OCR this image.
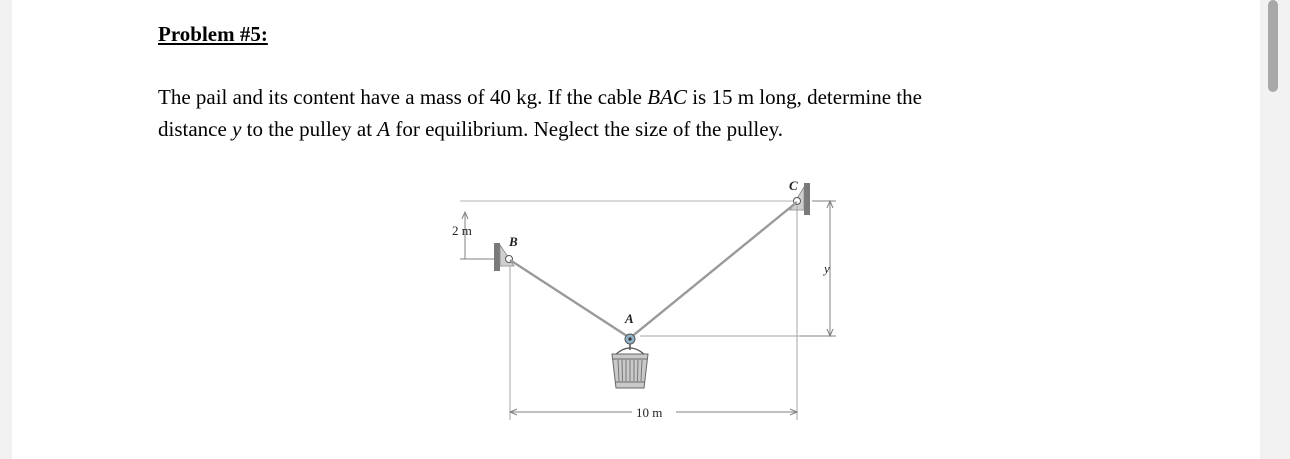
Problem #5:

The pail and its content have a mass of 40 kg. If the cable BAC is 15 m long, determine the
distance y to the pulley at A for equilibrium. Neglect the size of the pulley.

2 m
B
C
y
A
10 m
